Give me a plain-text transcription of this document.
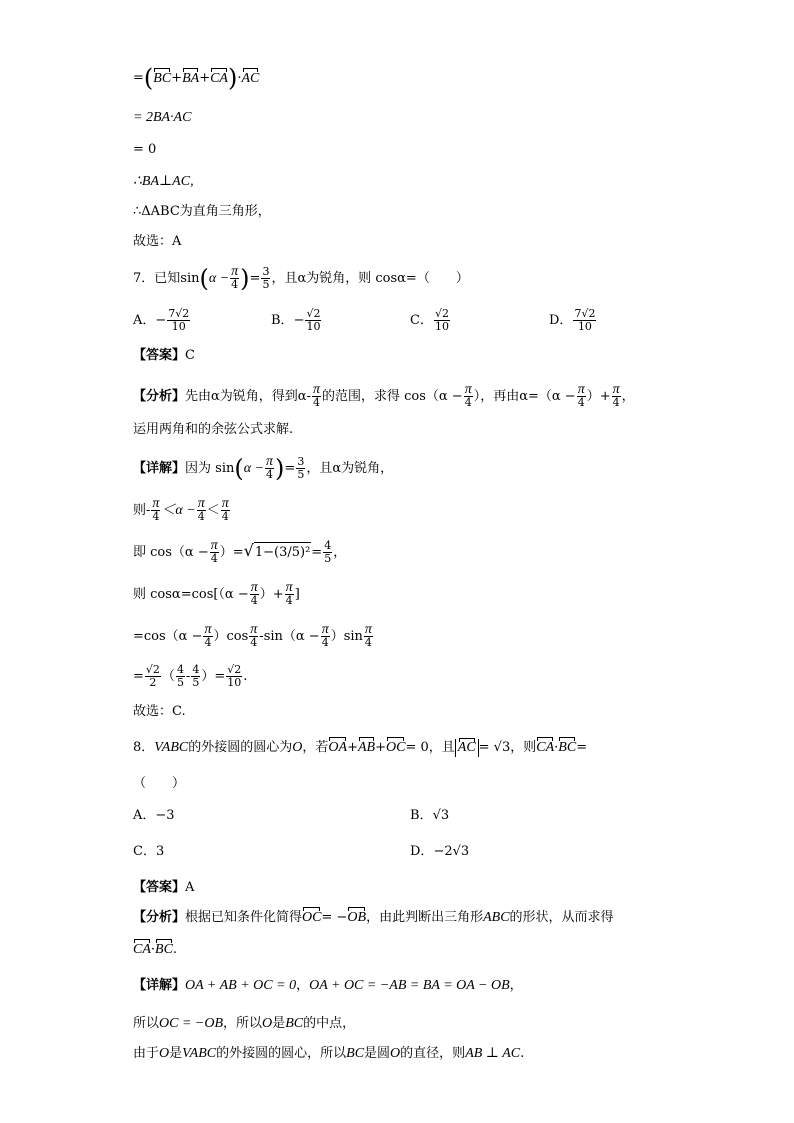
=(BC+BA+CA)·AC
= 2BA·AC
= 0
∴BA⊥AC,
∴ΔABC为直角三角形，
故选：A
7．已知$\sin(\alpha - \frac{\pi}{4}$ )= $\frac{3}{5}$ ，且α为锐角，则 cosα=（　　）
A．− $\frac{7√2}{10}$	B．− $\frac{√2}{10}$	C． $\frac{√2}{10}$	D． $\frac{7√2}{10}$
【答案】C
【分析】先由α为锐角，得到$\alpha- \frac{\pi}{4}$ 的范围，求得 $\cos(\alpha - \frac{\pi}{4}$ ），再由$\alpha=(\alpha - \frac{\pi}{4}$ ）+ $\frac{\pi}{4}$ ，
运用两角和的余弦公式求解.
【详解】因为 $\sin(\alpha - \frac{\pi}{4}$ )= $\frac{3}{5}$ ，且α为锐角，
则- $\frac{\pi}{4} <\alpha - \frac{\pi}{4} < \frac{\pi}{4}$
即 $\cos(\alpha - \frac{\pi}{4} )=√1-(3/5)^2= \frac{4}{5}$ ，
则 $\cos\alpha=\cos[(\alpha - \frac{\pi}{4}$ ）+ $\frac{\pi}{4}$ ]
$=\cos(\alpha - \frac{\pi}{4} )\cos \frac{\pi}{4} -\sin(\alpha - \frac{\pi}{4} )\sin \frac{\pi}{4}$
= $\frac{√2}{2}$ （ $\frac{4}{5} - \frac{4}{5}$ ）= $\frac{√2}{10}$ .
故选：C.
8．VABC的外接圆的圆心为O，若OA+AB+OC= 0，且 AC = √3，则CA·BC=
（　　）
A．−3	B．√3
C．3	D．−2√3
【答案】A
【分析】根据已知条件化简得OC= −OB，由此判断出三角形ABC的形状，从而求得
CA·BC.
【详解】OA + AB + OC = 0，OA + OC = −AB = BA = OA − OB，
所以OC = −OB，所以O是BC的中点，
由于O是VABC的外接圆的圆心，所以BC是圆O的直径，则AB ⊥ AC.
